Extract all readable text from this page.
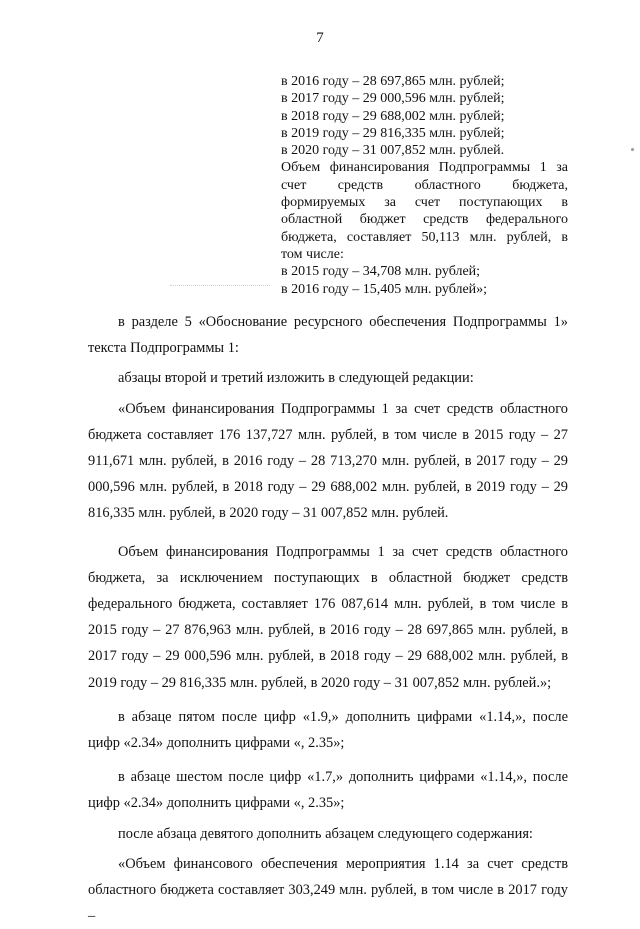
7
в 2016 году – 28 697,865 млн. рублей;
в 2017 году – 29 000,596 млн. рублей;
в 2018 году – 29 688,002 млн. рублей;
в 2019 году – 29 816,335 млн. рублей;
в 2020 году – 31 007,852 млн. рублей.
Объем финансирования Подпрограммы 1 за
счет средств областного бюджета,
формируемых за счет поступающих в
областной бюджет средств федерального
бюджета, составляет 50,113 млн. рублей, в
том числе:
в 2015 году – 34,708 млн. рублей;
в 2016 году – 15,405 млн. рублей»;

в разделе 5 «Обоснование ресурсного обеспечения Подпрограммы 1» текста Подпрограммы 1:

абзацы второй и третий изложить в следующей редакции:

«Объем финансирования Подпрограммы 1 за счет средств областного бюджета составляет 176 137,727 млн. рублей, в том числе в 2015 году – 27 911,671 млн. рублей, в 2016 году – 28 713,270 млн. рублей, в 2017 году – 29 000,596 млн. рублей, в 2018 году – 29 688,002 млн. рублей, в 2019 году – 29 816,335 млн. рублей, в 2020 году – 31 007,852 млн. рублей.

Объем финансирования Подпрограммы 1 за счет средств областного бюджета, за исключением поступающих в областной бюджет средств федерального бюджета, составляет 176 087,614 млн. рублей, в том числе в 2015 году – 27 876,963 млн. рублей, в 2016 году – 28 697,865 млн. рублей, в 2017 году – 29 000,596 млн. рублей, в 2018 году – 29 688,002 млн. рублей, в 2019 году – 29 816,335 млн. рублей, в 2020 году – 31 007,852 млн. рублей.»;

в абзаце пятом после цифр «1.9,» дополнить цифрами «1.14,», после цифр «2.34» дополнить цифрами «, 2.35»;

в абзаце шестом после цифр «1.7,» дополнить цифрами «1.14,», после цифр «2.34» дополнить цифрами «, 2.35»;

после абзаца девятого дополнить абзацем следующего содержания:

«Объем финансового обеспечения мероприятия 1.14 за счет средств областного бюджета составляет 303,249 млн. рублей, в том числе в 2017 году –
